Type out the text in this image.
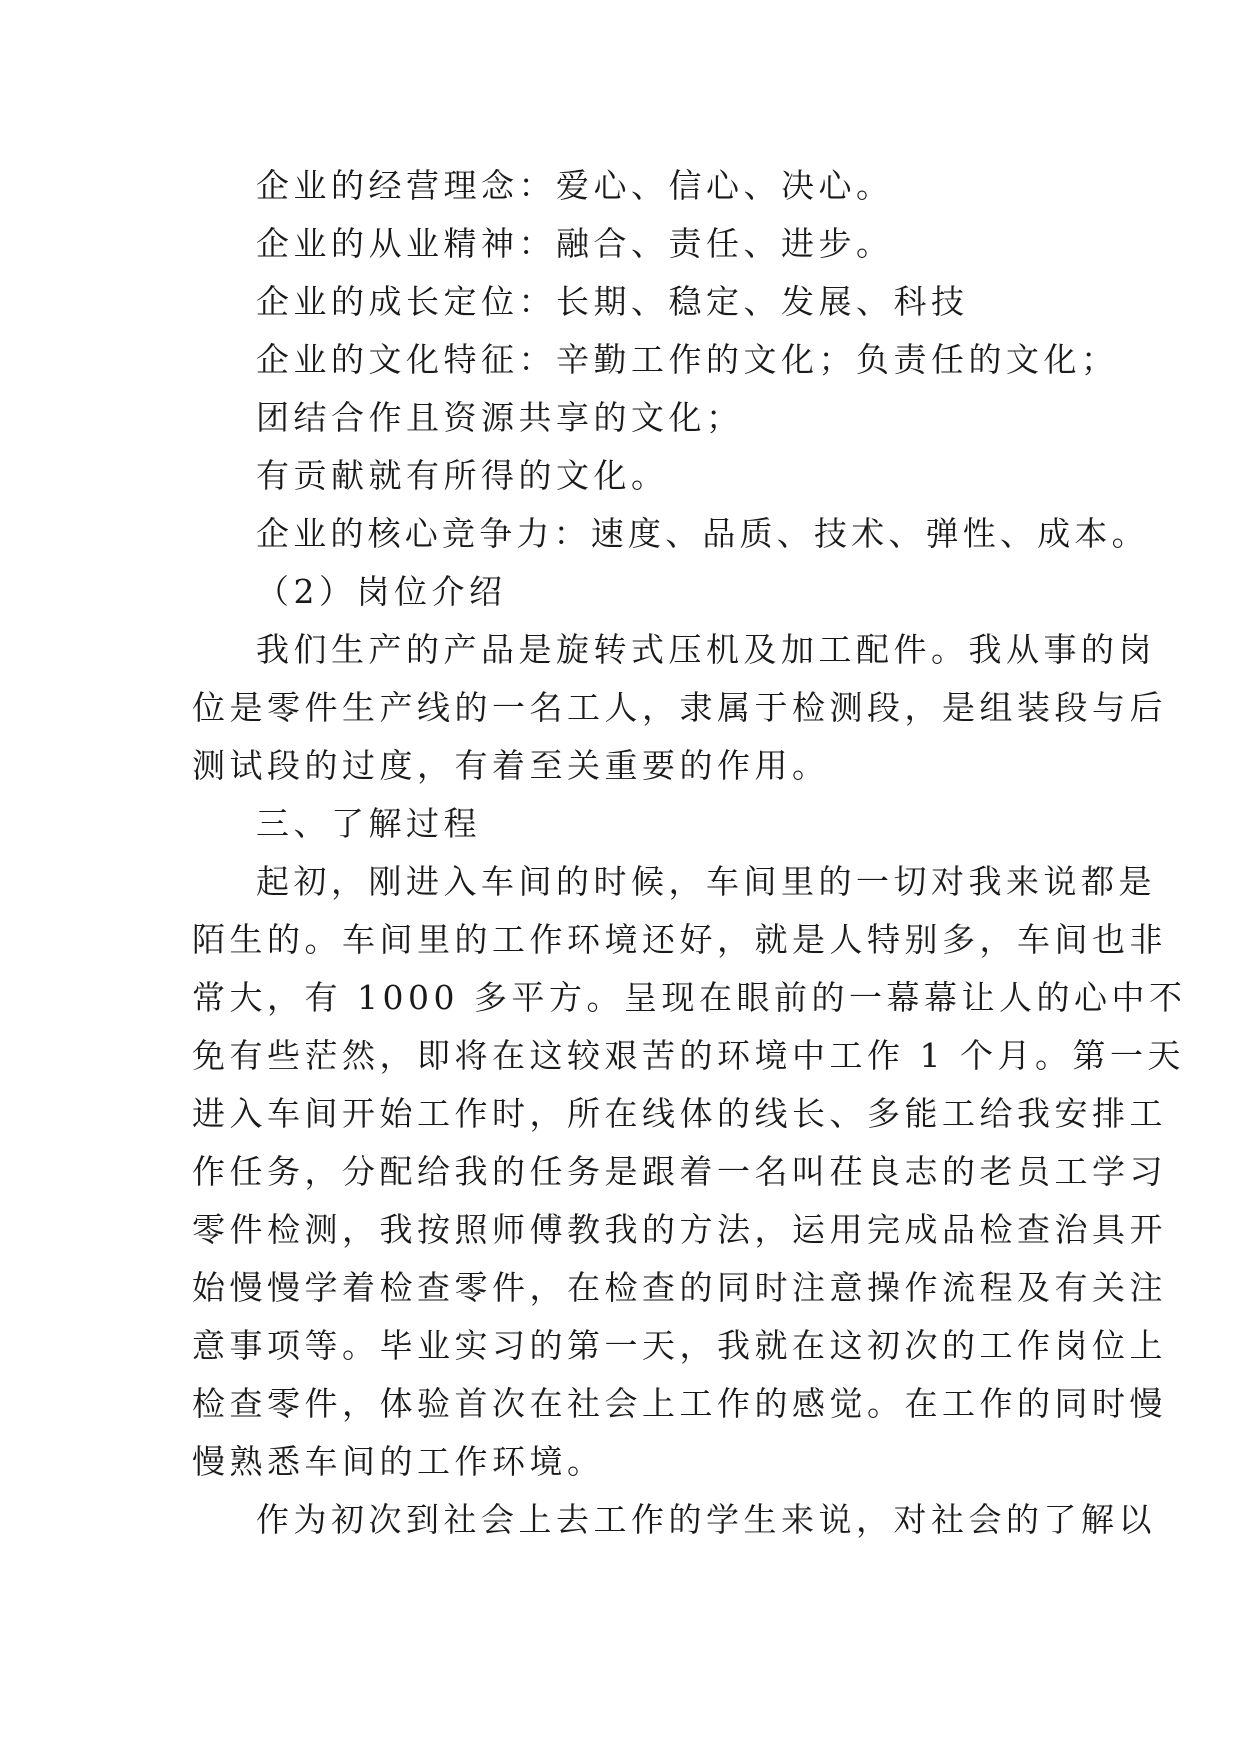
企业的经营理念：爱心、信心、决心。
企业的从业精神：融合、责任、进步。
企业的成长定位：长期、稳定、发展、科技
企业的文化特征：辛勤工作的文化；负责任的文化；
团结合作且资源共享的文化；
有贡献就有所得的文化。
企业的核心竞争力：速度、品质、技术、弹性、成本。
（2）岗位介绍
我们生产的产品是旋转式压机及加工配件。我从事的岗
位是零件生产线的一名工人，隶属于检测段，是组装段与后
测试段的过度，有着至关重要的作用。
三、了解过程
起初，刚进入车间的时候，车间里的一切对我来说都是
陌生的。车间里的工作环境还好，就是人特别多，车间也非
常大，有 1000 多平方。呈现在眼前的一幕幕让人的心中不
免有些茫然，即将在这较艰苦的环境中工作 1 个月。第一天
进入车间开始工作时，所在线体的线长、多能工给我安排工
作任务，分配给我的任务是跟着一名叫茌良志的老员工学习
零件检测，我按照师傅教我的方法，运用完成品检查治具开
始慢慢学着检查零件，在检查的同时注意操作流程及有关注
意事项等。毕业实习的第一天，我就在这初次的工作岗位上
检查零件，体验首次在社会上工作的感觉。在工作的同时慢
慢熟悉车间的工作环境。
作为初次到社会上去工作的学生来说，对社会的了解以
